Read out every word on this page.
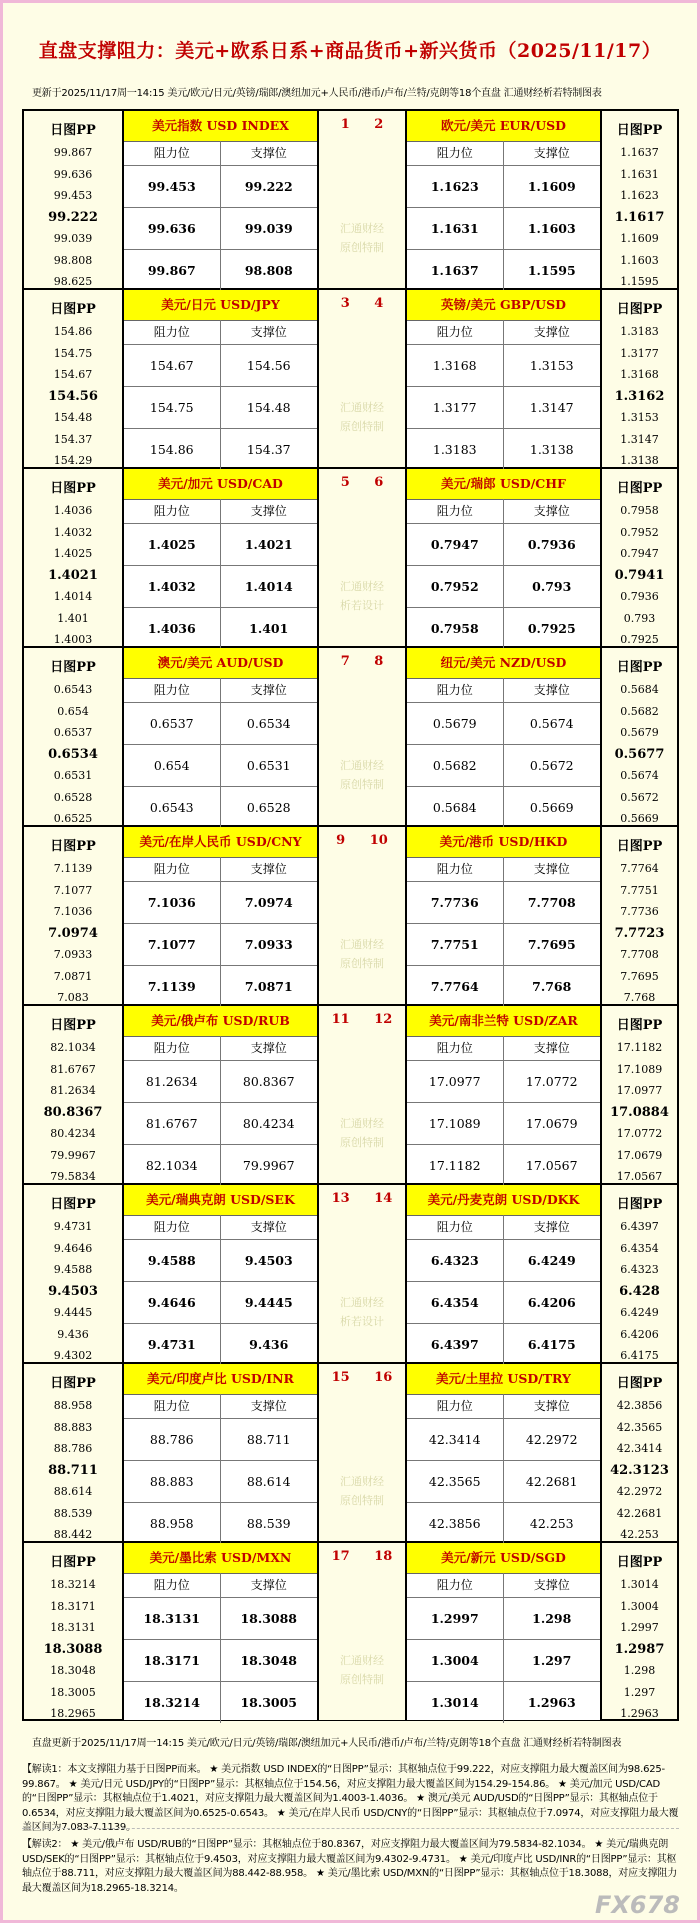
直盘支撑阻力：美元+欧系日系+商品货币+新兴货币（2025/11/17）
更新于2025/11/17周一14:15 美元/欧元/日元/英镑/瑞郎/澳纽加元+人民币/港币/卢布/兰特/克朗等18个直盘 汇通财经析若特制图表
日图PP
99.867
99.636
99.453
99.222
99.039
98.808
98.625
美元指数 USD INDEX
阻力位	支撑位
99.453	99.222
99.636	99.039
99.867	98.808
1 2
汇通财经
原创特制
欧元/美元 EUR/USD
阻力位	支撑位
1.1623	1.1609
1.1631	1.1603
1.1637	1.1595
日图PP
1.1637
1.1631
1.1623
1.1617
1.1609
1.1603
1.1595
日图PP
154.86
154.75
154.67
154.56
154.48
154.37
154.29
美元/日元 USD/JPY
阻力位	支撑位
154.67	154.56
154.75	154.48
154.86	154.37
3 4
汇通财经
原创特制
英镑/美元 GBP/USD
阻力位	支撑位
1.3168	1.3153
1.3177	1.3147
1.3183	1.3138
日图PP
1.3183
1.3177
1.3168
1.3162
1.3153
1.3147
1.3138
日图PP
1.4036
1.4032
1.4025
1.4021
1.4014
1.401
1.4003
美元/加元 USD/CAD
阻力位	支撑位
1.4025	1.4021
1.4032	1.4014
1.4036	1.401
5 6
汇通财经
析若设计
美元/瑞郎 USD/CHF
阻力位	支撑位
0.7947	0.7936
0.7952	0.793
0.7958	0.7925
日图PP
0.7958
0.7952
0.7947
0.7941
0.7936
0.793
0.7925
日图PP
0.6543
0.654
0.6537
0.6534
0.6531
0.6528
0.6525
澳元/美元 AUD/USD
阻力位	支撑位
0.6537	0.6534
0.654	0.6531
0.6543	0.6528
7 8
汇通财经
原创特制
纽元/美元 NZD/USD
阻力位	支撑位
0.5679	0.5674
0.5682	0.5672
0.5684	0.5669
日图PP
0.5684
0.5682
0.5679
0.5677
0.5674
0.5672
0.5669
日图PP
7.1139
7.1077
7.1036
7.0974
7.0933
7.0871
7.083
美元/在岸人民币 USD/CNY
阻力位	支撑位
7.1036	7.0974
7.1077	7.0933
7.1139	7.0871
9 10
汇通财经
原创特制
美元/港币 USD/HKD
阻力位	支撑位
7.7736	7.7708
7.7751	7.7695
7.7764	7.768
日图PP
7.7764
7.7751
7.7736
7.7723
7.7708
7.7695
7.768
日图PP
82.1034
81.6767
81.2634
80.8367
80.4234
79.9967
79.5834
美元/俄卢布 USD/RUB
阻力位	支撑位
81.2634	80.8367
81.6767	80.4234
82.1034	79.9967
11 12
汇通财经
原创特制
美元/南非兰特 USD/ZAR
阻力位	支撑位
17.0977	17.0772
17.1089	17.0679
17.1182	17.0567
日图PP
17.1182
17.1089
17.0977
17.0884
17.0772
17.0679
17.0567
日图PP
9.4731
9.4646
9.4588
9.4503
9.4445
9.436
9.4302
美元/瑞典克朗 USD/SEK
阻力位	支撑位
9.4588	9.4503
9.4646	9.4445
9.4731	9.436
13 14
汇通财经
析若设计
美元/丹麦克朗 USD/DKK
阻力位	支撑位
6.4323	6.4249
6.4354	6.4206
6.4397	6.4175
日图PP
6.4397
6.4354
6.4323
6.428
6.4249
6.4206
6.4175
日图PP
88.958
88.883
88.786
88.711
88.614
88.539
88.442
美元/印度卢比 USD/INR
阻力位	支撑位
88.786	88.711
88.883	88.614
88.958	88.539
15 16
汇通财经
原创特制
美元/土里拉 USD/TRY
阻力位	支撑位
42.3414	42.2972
42.3565	42.2681
42.3856	42.253
日图PP
42.3856
42.3565
42.3414
42.3123
42.2972
42.2681
42.253
日图PP
18.3214
18.3171
18.3131
18.3088
18.3048
18.3005
18.2965
美元/墨比索 USD/MXN
阻力位	支撑位
18.3131	18.3088
18.3171	18.3048
18.3214	18.3005
17 18
汇通财经
原创特制
美元/新元 USD/SGD
阻力位	支撑位
1.2997	1.298
1.3004	1.297
1.3014	1.2963
日图PP
1.3014
1.3004
1.2997
1.2987
1.298
1.297
1.2963
直盘更新于2025/11/17周一14:15 美元/欧元/日元/英镑/瑞郎/澳纽加元+人民币/港币/卢布/兰特/克朗等18个直盘 汇通财经析若特制图表
【解读1：本文支撑阻力基于日图PP而来。 ★ 美元指数 USD INDEX的“日图PP”显示：其枢轴点位于99.222，对应支撑阻力最大覆盖区间为98.625-99.867。 ★ 美元/日元 USD/JPY的“日图PP”显示：其枢轴点位于154.56，对应支撑阻力最大覆盖区间为154.29-154.86。 ★ 美元/加元 USD/CAD的“日图PP”显示：其枢轴点位于1.4021，对应支撑阻力最大覆盖区间为1.4003-1.4036。 ★ 澳元/美元 AUD/USD的“日图PP”显示：其枢轴点位于0.6534，对应支撑阻力最大覆盖区间为0.6525-0.6543。 ★ 美元/在岸人民币 USD/CNY的“日图PP”显示：其枢轴点位于7.0974，对应支撑阻力最大覆盖区间为7.083-7.1139。
【解读2： ★ 美元/俄卢布 USD/RUB的“日图PP”显示：其枢轴点位于80.8367，对应支撑阻力最大覆盖区间为79.5834-82.1034。 ★ 美元/瑞典克朗 USD/SEK的“日图PP”显示：其枢轴点位于9.4503，对应支撑阻力最大覆盖区间为9.4302-9.4731。 ★ 美元/印度卢比 USD/INR的“日图PP”显示：其枢轴点位于88.711，对应支撑阻力最大覆盖区间为88.442-88.958。 ★ 美元/墨比索 USD/MXN的“日图PP”显示：其枢轴点位于18.3088，对应支撑阻力最大覆盖区间为18.2965-18.3214。
FX678
